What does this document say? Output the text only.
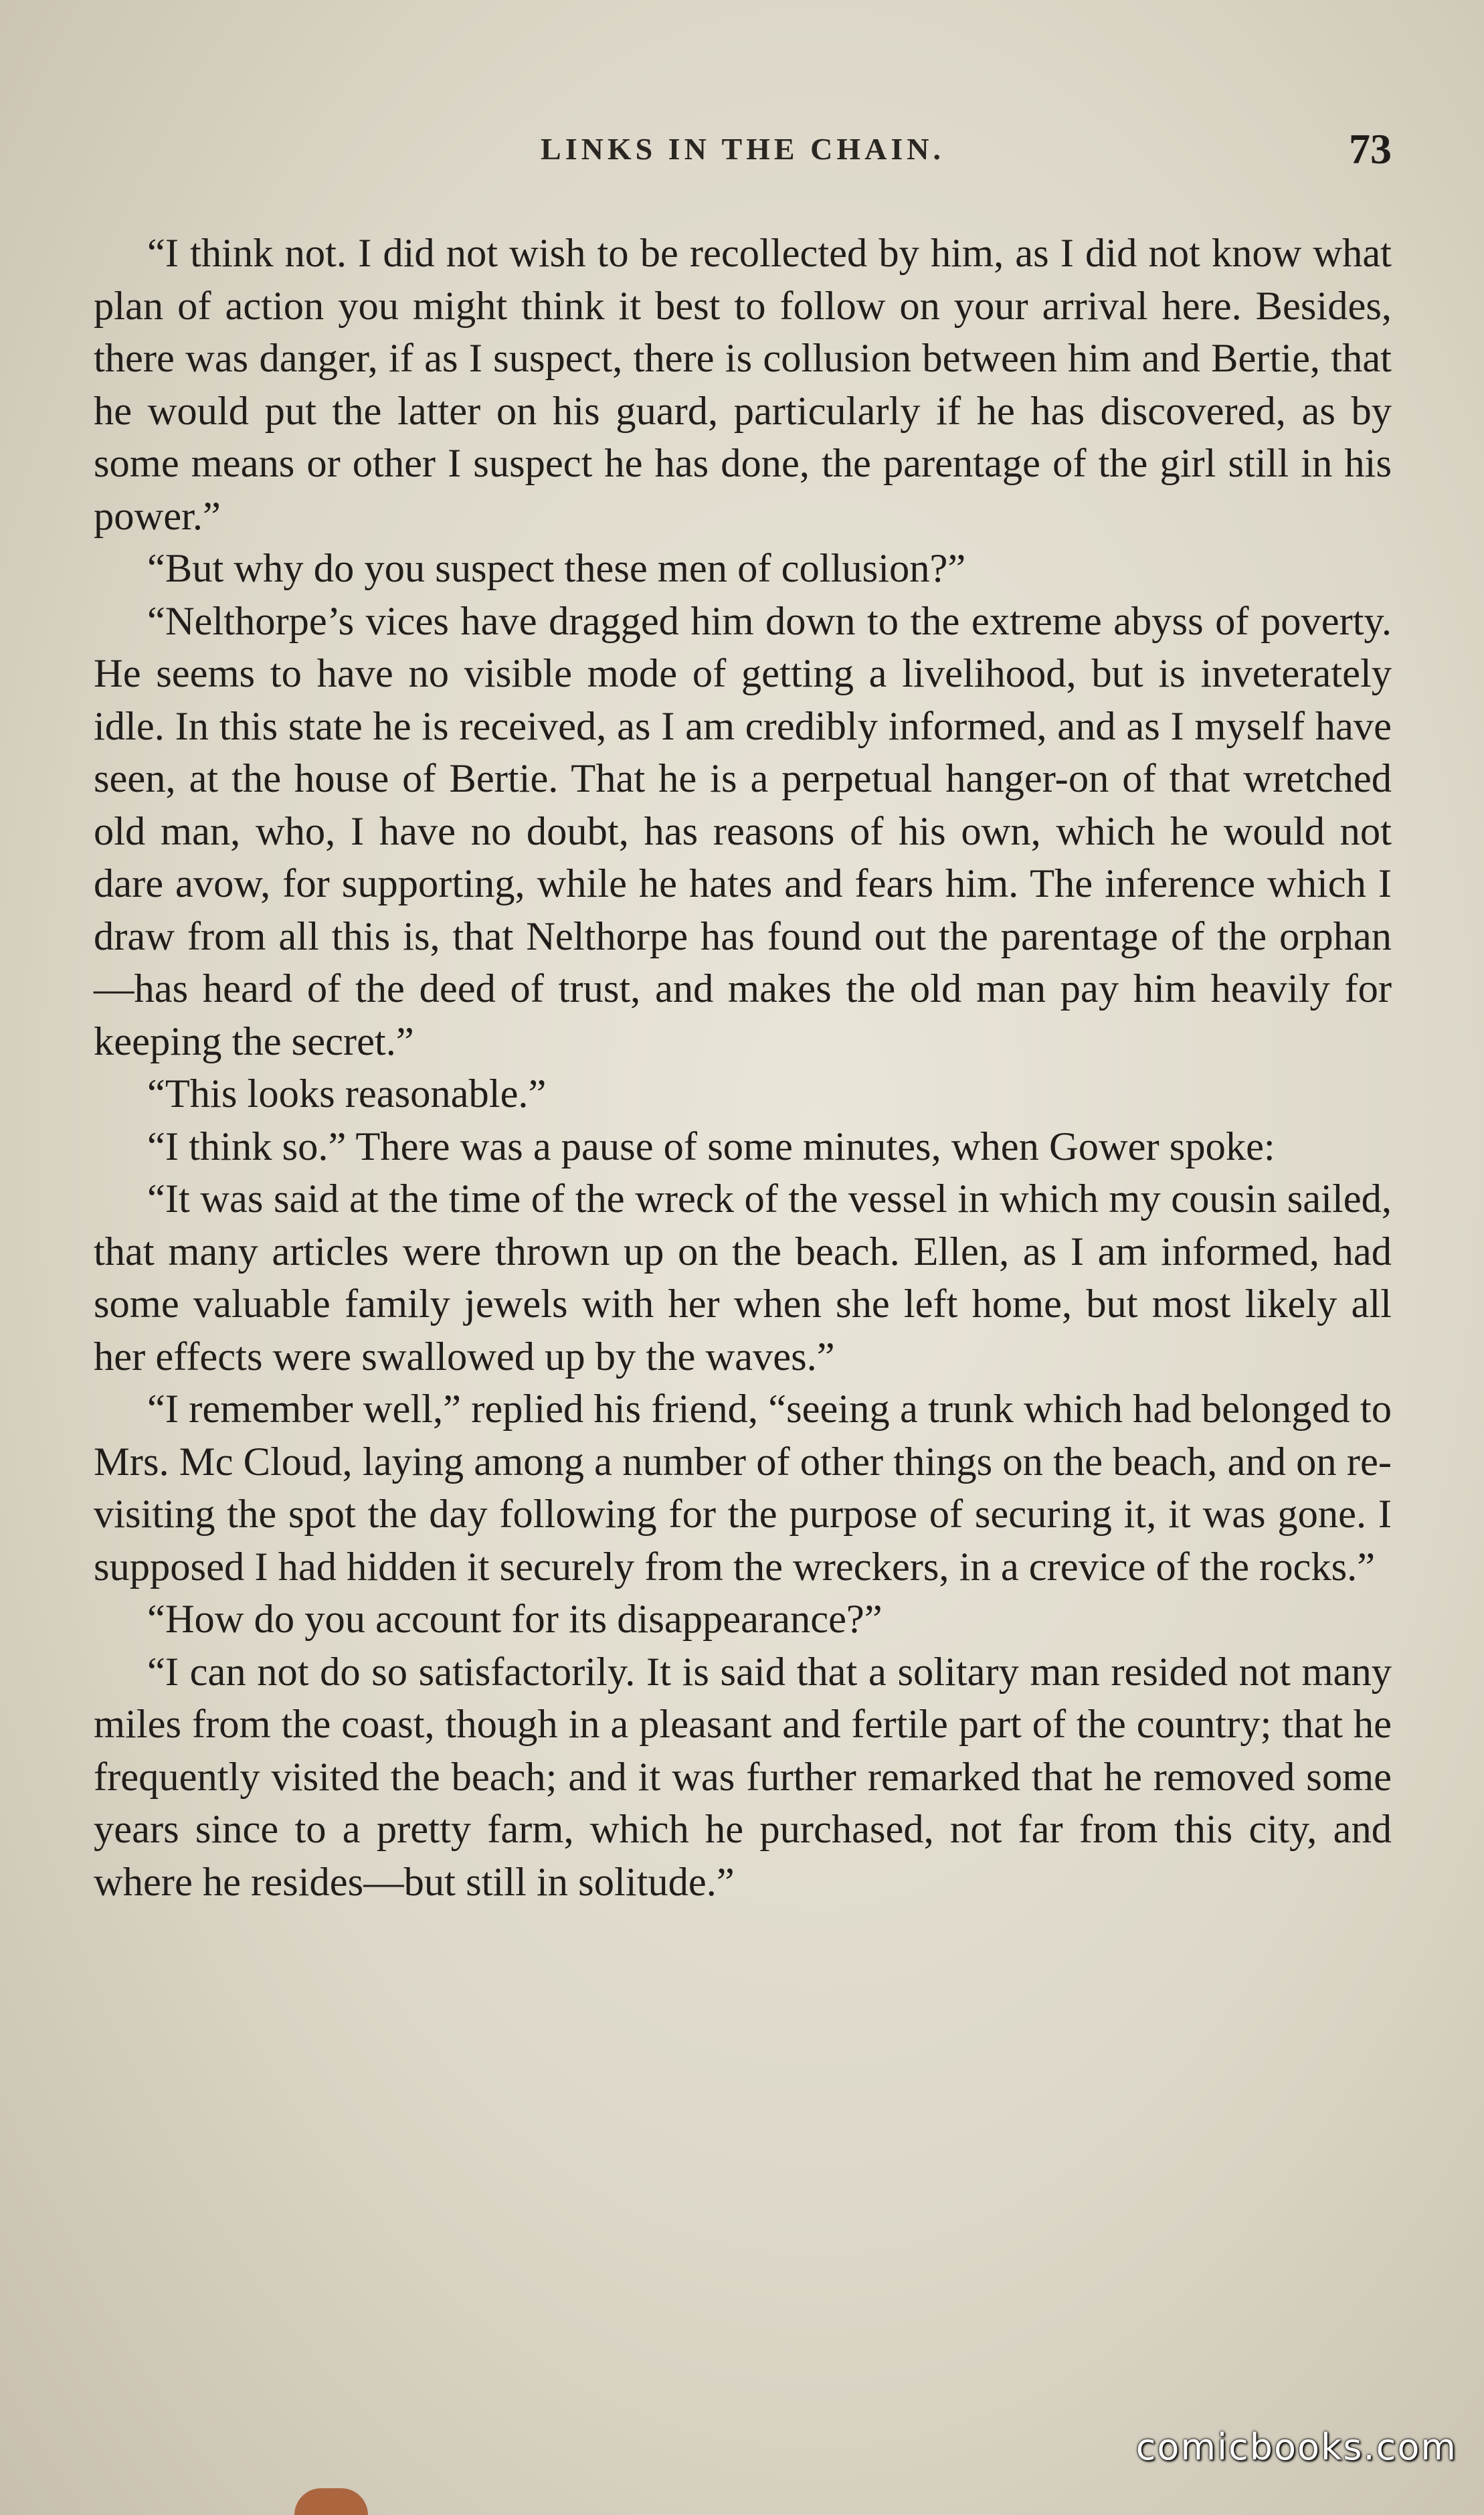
LINKS IN THE CHAIN.	73

“I think not. I did not wish to be recollected by him, as I did not know what plan of action you might think it best to follow on your arrival here. Besides, there was danger, if as I suspect, there is collusion between him and Bertie, that he would put the latter on his guard, particularly if he has discovered, as by some means or other I suspect he has done, the parentage of the girl still in his power.”

“But why do you suspect these men of collusion?”

“Nelthorpe’s vices have dragged him down to the extreme abyss of poverty. He seems to have no visible mode of getting a livelihood, but is inveterately idle. In this state he is received, as I am credibly informed, and as I myself have seen, at the house of Bertie. That he is a perpetual hanger-on of that wretched old man, who, I have no doubt, has reasons of his own, which he would not dare avow, for supporting, while he hates and fears him. The inference which I draw from all this is, that Nelthorpe has found out the parentage of the orphan—has heard of the deed of trust, and makes the old man pay him heavily for keeping the secret.”

“This looks reasonable.”

“I think so.” There was a pause of some minutes, when Gower spoke:

“It was said at the time of the wreck of the vessel in which my cousin sailed, that many articles were thrown up on the beach. Ellen, as I am informed, had some valuable family jewels with her when she left home, but most likely all her effects were swallowed up by the waves.”

“I remember well,” replied his friend, “seeing a trunk which had belonged to Mrs. Mc Cloud, laying among a number of other things on the beach, and on re-visiting the spot the day following for the purpose of securing it, it was gone. I supposed I had hidden it securely from the wreckers, in a crevice of the rocks.”

“How do you account for its disappearance?”

“I can not do so satisfactorily. It is said that a solitary man resided not many miles from the coast, though in a pleasant and fertile part of the country; that he frequently visited the beach; and it was further remarked that he removed some years since to a pretty farm, which he purchased, not far from this city, and where he resides—but still in solitude.”

comicbooks.com
